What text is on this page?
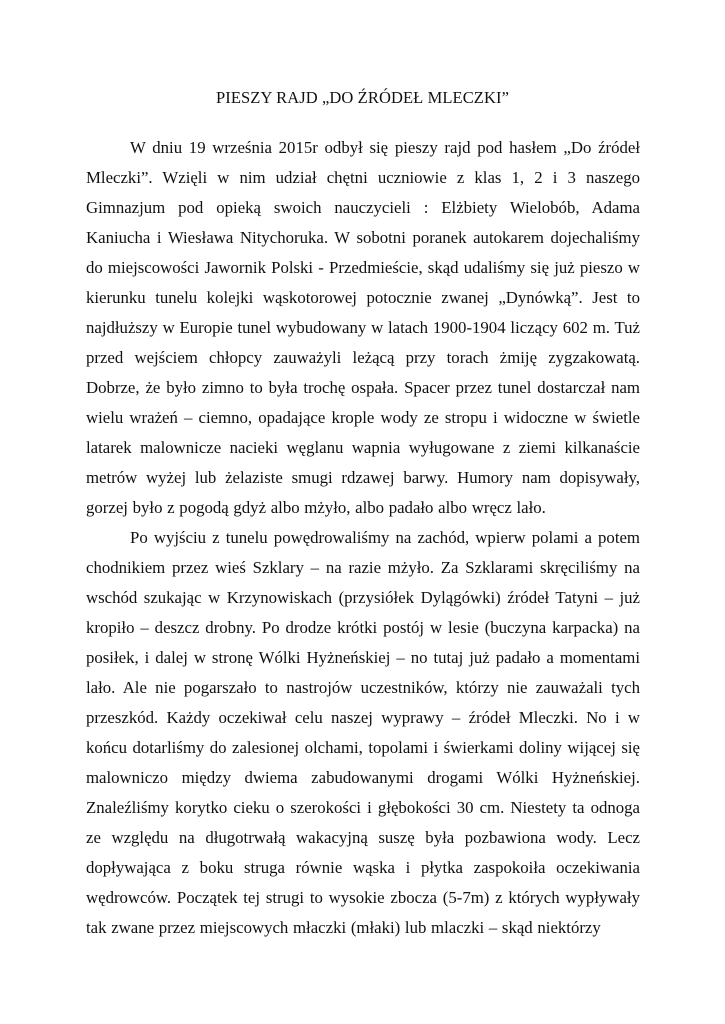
PIESZY RAJD „DO ŹRÓDEŁ MLECZKI”

W dniu 19 września 2015r odbył się pieszy rajd pod hasłem „Do źródeł Mleczki”. Wzięli w nim udział chętni uczniowie z klas 1, 2 i 3 naszego Gimnazjum pod opieką swoich nauczycieli : Elżbiety Wielobób, Adama Kaniucha i Wiesława Nitychoruka. W sobotni poranek autokarem dojechaliśmy do miejscowości Jawornik Polski - Przedmieście, skąd udaliśmy się już pieszo w kierunku tunelu kolejki wąskotorowej potocznie zwanej „Dynówką”. Jest to najdłuższy w Europie tunel wybudowany w latach 1900-1904 liczący 602 m. Tuż przed wejściem chłopcy zauważyli leżącą przy torach żmiję zygzakowatą. Dobrze, że było zimno to była trochę ospała. Spacer przez tunel dostarczał nam wielu wrażeń – ciemno, opadające krople wody ze stropu i widoczne w świetle latarek malownicze nacieki węglanu wapnia wyługowane z ziemi kilkanaście metrów wyżej lub żelaziste smugi rdzawej barwy. Humory nam dopisywały, gorzej było z pogodą gdyż albo mżyło, albo padało albo wręcz lało.

Po wyjściu z tunelu powędrowaliśmy na zachód, wpierw polami a potem chodnikiem przez wieś Szklary – na razie mżyło. Za Szklarami skręciliśmy na wschód szukając w Krzynowiskach (przysiółek Dylągówki) źródeł Tatyni – już kropiło – deszcz drobny. Po drodze krótki postój w lesie (buczyna karpacka) na posiłek, i dalej w stronę Wólki Hyżneńskiej – no tutaj już padało a momentami lało. Ale nie pogarszało to nastrojów uczestników, którzy nie zauważali tych przeszkód. Każdy oczekiwał celu naszej wyprawy – źródeł Mleczki. No i w końcu dotarliśmy do zalesionej olchami, topolami i świerkami doliny wijącej się malowniczo między dwiema zabudowanymi drogami Wólki Hyżneńskiej. Znaleźliśmy korytko cieku o szerokości i głębokości 30 cm. Niestety ta odnoga ze względu na długotrwałą wakacyjną suszę była pozbawiona wody. Lecz dopływająca z boku struga równie wąska i płytka zaspokoiła oczekiwania wędrowców. Początek tej strugi to wysokie zbocza (5-7m) z których wypływały tak zwane przez miejscowych młaczki (młaki) lub mlaczki – skąd niektórzy
